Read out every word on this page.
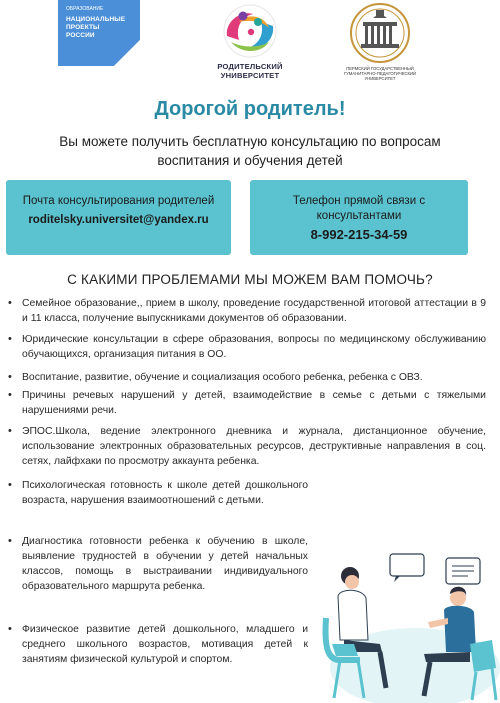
НАЦИОНАЛЬНЫЕ ПРОЕКТЫ РОССИИ
ОБРАЗОВАНИЕ
РОДИТЕЛЬСКИЙ УНИВЕРСИТЕТ
ПЕРМСКИЙ ГОСУДАРСТВЕННЫЙ ГУМАНИТАРНО-ПЕДАГОГИЧЕСКИЙ УНИВЕРСИТЕТ
Дорогой родитель!
Вы можете получить бесплатную консультацию по вопросам воспитания и обучения детей
Почта консультирования родителей
roditelsky.universitet@yandex.ru
Телефон прямой связи с консультантами
8-992-215-34-59
С КАКИМИ ПРОБЛЕМАМИ МЫ МОЖЕМ ВАМ ПОМОЧЬ?
• Семейное образование,, прием в школу, проведение государственной итоговой аттестации в 9 и 11 класса, получение выпускниками документов об образовании.
• Юридические консультации в сфере образования, вопросы по медицинскому обслуживанию обучающихся, организация питания в ОО.
• Воспитание, развитие, обучение и социализация особого ребенка, ребенка с ОВЗ.
• Причины речевых нарушений у детей, взаимодействие в семье с детьми с тяжелыми нарушениями речи.
• ЭПОС.Школа, ведение электронного дневника и журнала, дистанционное обучение, использование электронных образовательных ресурсов, деструктивные направления в соц. сетях, лайфхаки по просмотру аккаунта ребенка.
• Психологическая готовность к школе детей дошкольного возраста, нарушения взаимоотношений с детьми.
• Диагностика готовности ребенка к обучению в школе, выявление трудностей в обучении у детей начальных классов, помощь в выстраивании индивидуального образовательного маршрута ребенка.
• Физическое развитие детей дошкольного, младшего и среднего школьного возрастов, мотивация детей к занятиям физической культурой и спортом.
